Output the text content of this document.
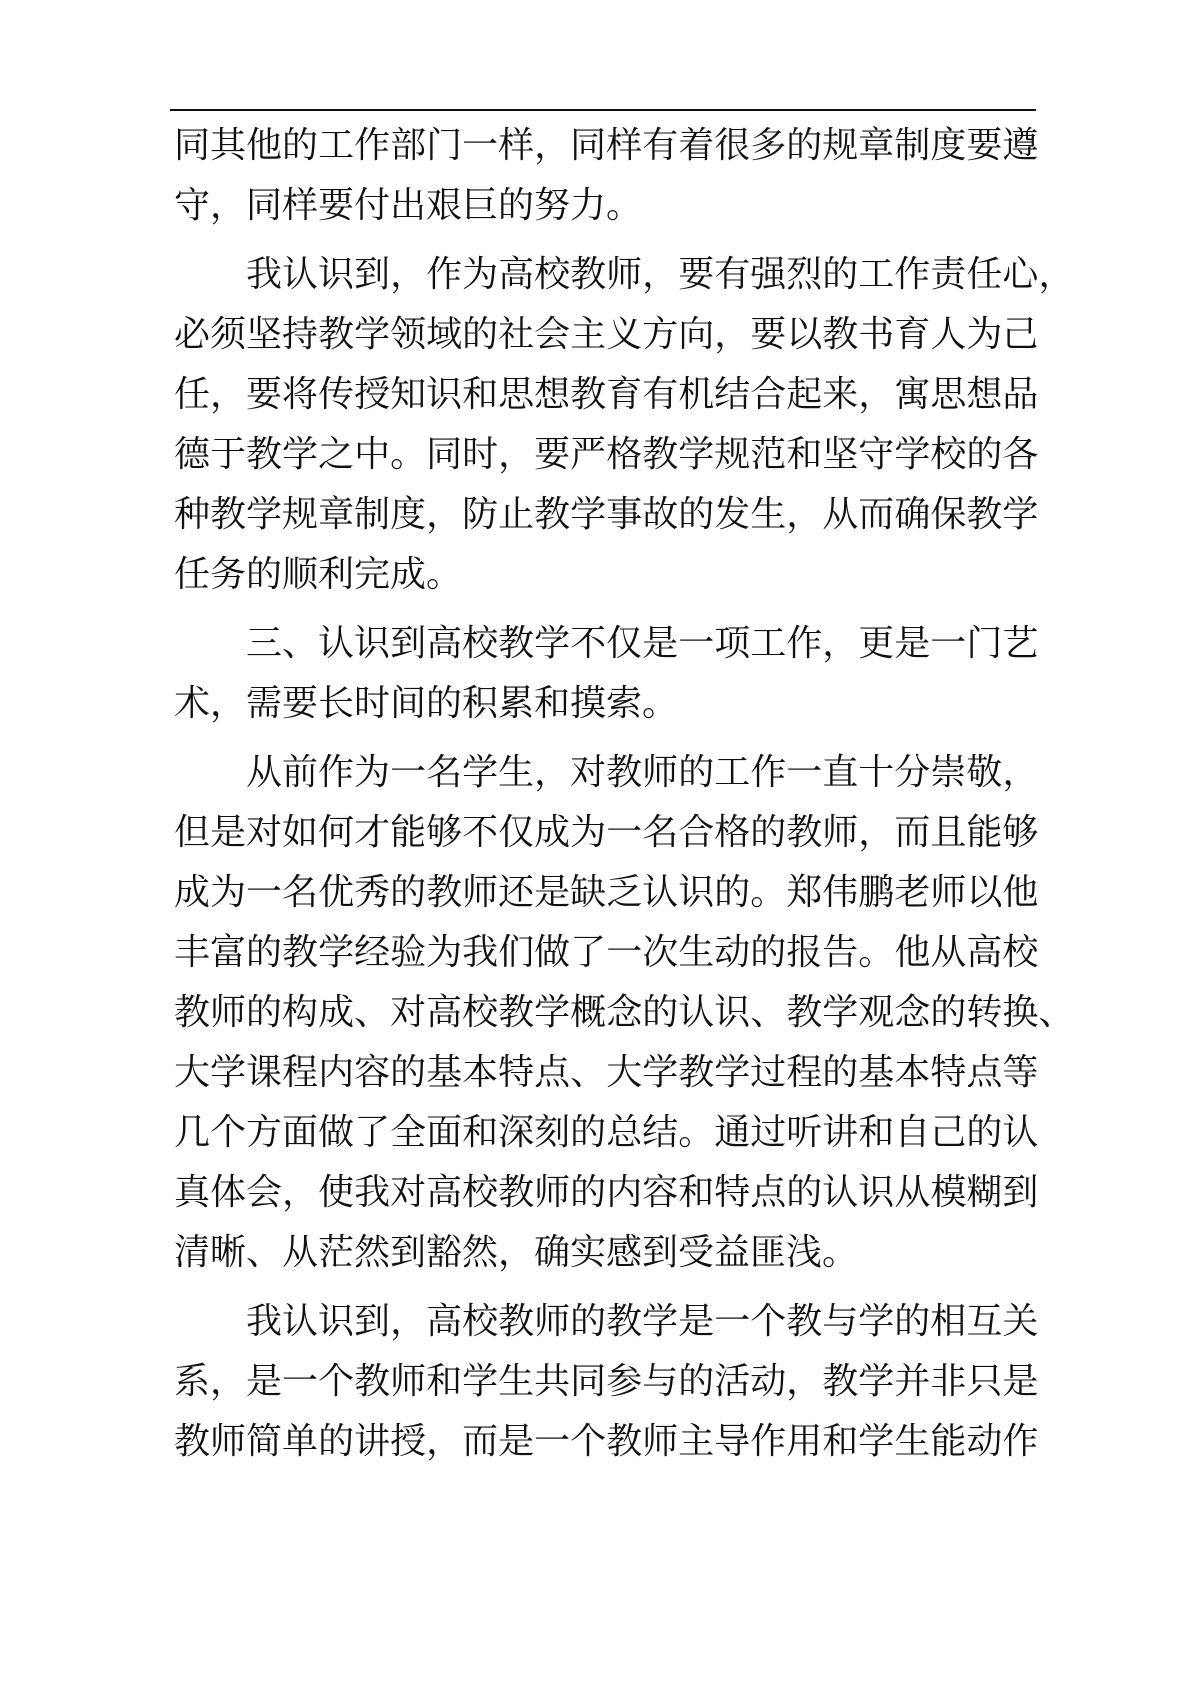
同 其 他 的 工 作 部 门 一 样 ， 同 样 有 着 很 多 的 规 章 制 度 要 遵
守，同样要付出艰巨的努力。
我 认 识 到 ， 作 为 高 校 教 师 ， 要 有 强 烈 的 工 作 责 任 心 ，
必 须 坚 持 教 学 领 域 的 社 会 主 义 方 向 ， 要 以 教 书 育 人 为 己
任 ， 要 将 传 授 知 识 和 思 想 教 育 有 机 结 合 起 来 ， 寓 思 想 品
德 于 教 学 之 中 。 同 时 ， 要 严 格 教 学 规 范 和 坚 守 学 校 的 各
种 教 学 规 章 制 度 ， 防 止 教 学 事 故 的 发 生 ， 从 而 确 保 教 学
任务的顺利完成。
三 、 认 识 到 高 校 教 学 不 仅 是 一 项 工 作 ， 更 是 一 门 艺
术，需要长时间的积累和摸索。
从 前 作 为 一 名 学 生 ， 对 教 师 的 工 作 一 直 十 分 崇 敬 ，
但 是 对 如 何 才 能 够 不 仅 成 为 一 名 合 格 的 教 师 ， 而 且 能 够
成 为 一 名 优 秀 的 教 师 还 是 缺 乏 认 识 的 。 郑 伟 鹏 老 师 以 他
丰 富 的 教 学 经 验 为 我 们 做 了 一 次 生 动 的 报 告 。 他 从 高 校
教 师 的 构 成 、 对 高 校 教 学 概 念 的 认 识 、 教 学 观 念 的 转 换 、
大 学 课 程 内 容 的 基 本 特 点 、 大 学 教 学 过 程 的 基 本 特 点 等
几 个 方 面 做 了 全 面 和 深 刻 的 总 结 。 通 过 听 讲 和 自 己 的 认
真 体 会 ， 使 我 对 高 校 教 师 的 内 容 和 特 点 的 认 识 从 模 糊 到
清晰、从茫然到豁然，确实感到受益匪浅。
我 认 识 到 ， 高 校 教 师 的 教 学 是 一 个 教 与 学 的 相 互 关
系 ， 是 一 个 教 师 和 学 生 共 同 参 与 的 活 动 ， 教 学 并 非 只 是
教 师 简 单 的 讲 授 ， 而 是 一 个 教 师 主 导 作 用 和 学 生 能 动 作
